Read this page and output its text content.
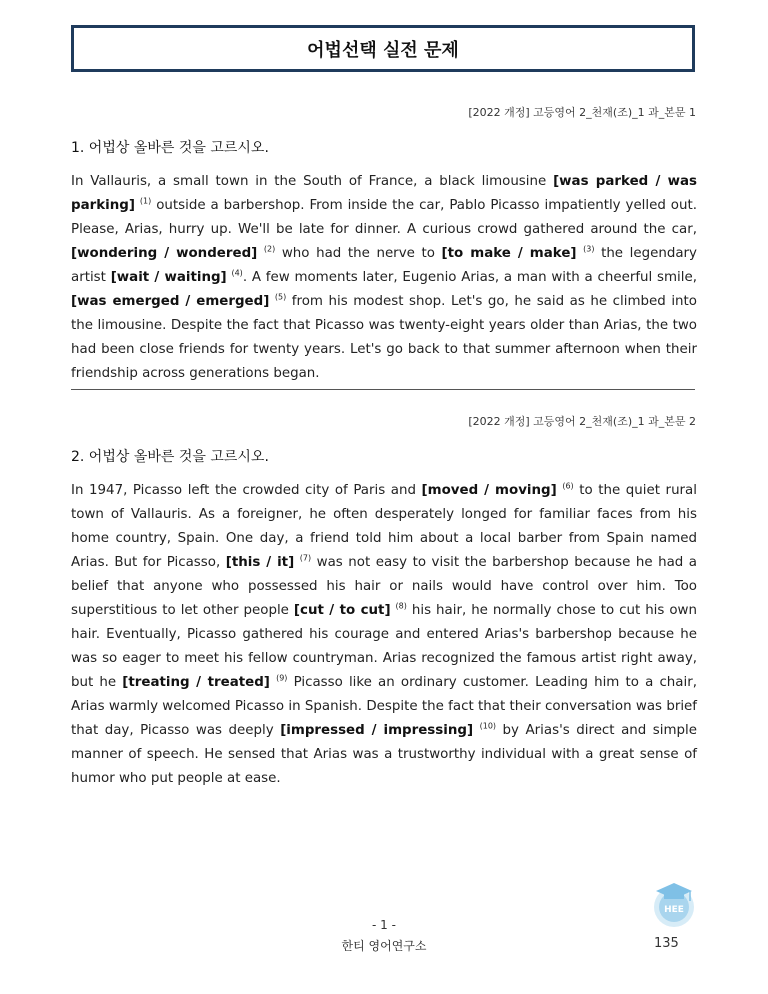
어법선택 실전 문제
[2022 개정] 고등영어 2_천재(조)_1 과_본문 1
1. 어법상 올바른 것을 고르시오.
In Vallauris, a small town in the South of France, a black limousine [was parked / was parking] $^{(1)}$ outside a barbershop. From inside the car, Pablo Picasso impatiently yelled out. Please, Arias, hurry up. We'll be late for dinner. A curious crowd gathered around the car, [wondering / wondered] $^{(2)}$ who had the nerve to [to make / make] $^{(3)}$ the legendary artist [wait / waiting] $^{(4)}$. A few moments later, Eugenio Arias, a man with a cheerful smile, [was emerged / emerged] $^{(5)}$ from his modest shop. Let's go, he said as he climbed into the limousine. Despite the fact that Picasso was twenty-eight years older than Arias, the two had been close friends for twenty years. Let's go back to that summer afternoon when their friendship across generations began.
[2022 개정] 고등영어 2_천재(조)_1 과_본문 2
2. 어법상 올바른 것을 고르시오.
In 1947, Picasso left the crowded city of Paris and [moved / moving] $^{(6)}$ to the quiet rural town of Vallauris. As a foreigner, he often desperately longed for familiar faces from his home country, Spain. One day, a friend told him about a local barber from Spain named Arias. But for Picasso, [this / it] $^{(7)}$ was not easy to visit the barbershop because he had a belief that anyone who possessed his hair or nails would have control over him. Too superstitious to let other people [cut / to cut] $^{(8)}$ his hair, he normally chose to cut his own hair. Eventually, Picasso gathered his courage and entered Arias's barbershop because he was so eager to meet his fellow countryman. Arias recognized the famous artist right away, but he [treating / treated] $^{(9)}$ Picasso like an ordinary customer. Leading him to a chair, Arias warmly welcomed Picasso in Spanish. Despite the fact that their conversation was brief that day, Picasso was deeply [impressed / impressing] $^{(10)}$ by Arias's direct and simple manner of speech. He sensed that Arias was a trustworthy individual with a great sense of humor who put people at ease.
- 1 -
한티 영어연구소
HEE
135
